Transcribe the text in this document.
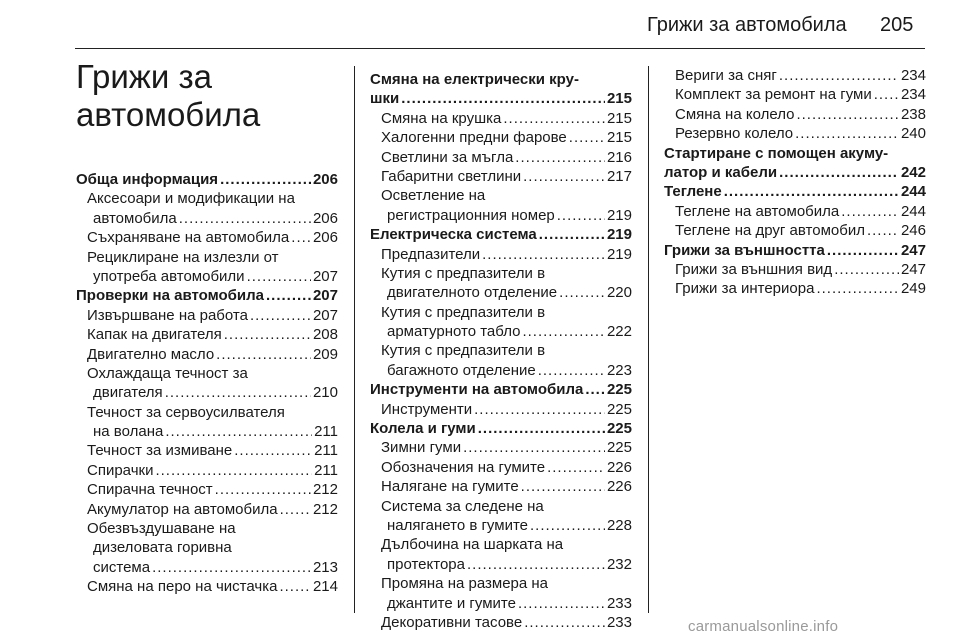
Грижи за автомобила 205
Грижи за
автомобила
Обща информация .....	206
Аксесоари и модификации на
автомобила .....	206
Съхраняване на автомобила ..... 206
Рециклиране на излезли от
употреба автомобили .....	207
Проверки на автомобила .....	207
Извършване на работа .....	207
Капак на двигателя .....	208
Двигателно масло .....	209
Охлаждаща течност за
двигателя .....	210
Течност за сервоусилвателя
на волана .....	211
Течност за измиване .....	211
Спирачки .....	211
Спирачна течност .....	212
Акумулатор на автомобила ..... 212
Обезвъздушаване на
дизеловата горивна
система .....	213
Смяна на перо на чистачка ..... 214
Смяна на електрически кру-
шки .....	215
Смяна на крушка .....	215
Халогенни предни фарове .....	215
Светлини за мъгла .....	216
Габаритни светлини .....	217
Осветление на
регистрационния номер .....	219
Електрическа система .....	219
Предпазители .....	219
Кутия с предпазители в
двигателното отделение .....	220
Кутия с предпазители в
арматурното табло .....	222
Кутия с предпазители в
багажното отделение .....	223
Инструменти на автомобила ..... 225
Инструменти .....	225
Колела и гуми .....	225
Зимни гуми .....	225
Обозначения на гумите .....	226
Налягане на гумите .....	226
Система за следене на
налягането в гумите .....	228
Дълбочина на шарката на
протектора .....	232
Промяна на размера на
джантите и гумите .....	233
Декоративни тасове .....	233
Вериги за сняг .....	234
Комплект за ремонт на гуми ..... 234
Смяна на колело .....	238
Резервно колело .....	240
Стартиране с помощен акуму-
латор и кабели .....	242
Теглене .....	244
Теглене на автомобила .....	244
Теглене на друг автомобил ..... 246
Грижи за външността .....	247
Грижи за външния вид .....	247
Грижи за интериора .....	249
carmanualsonline.info
